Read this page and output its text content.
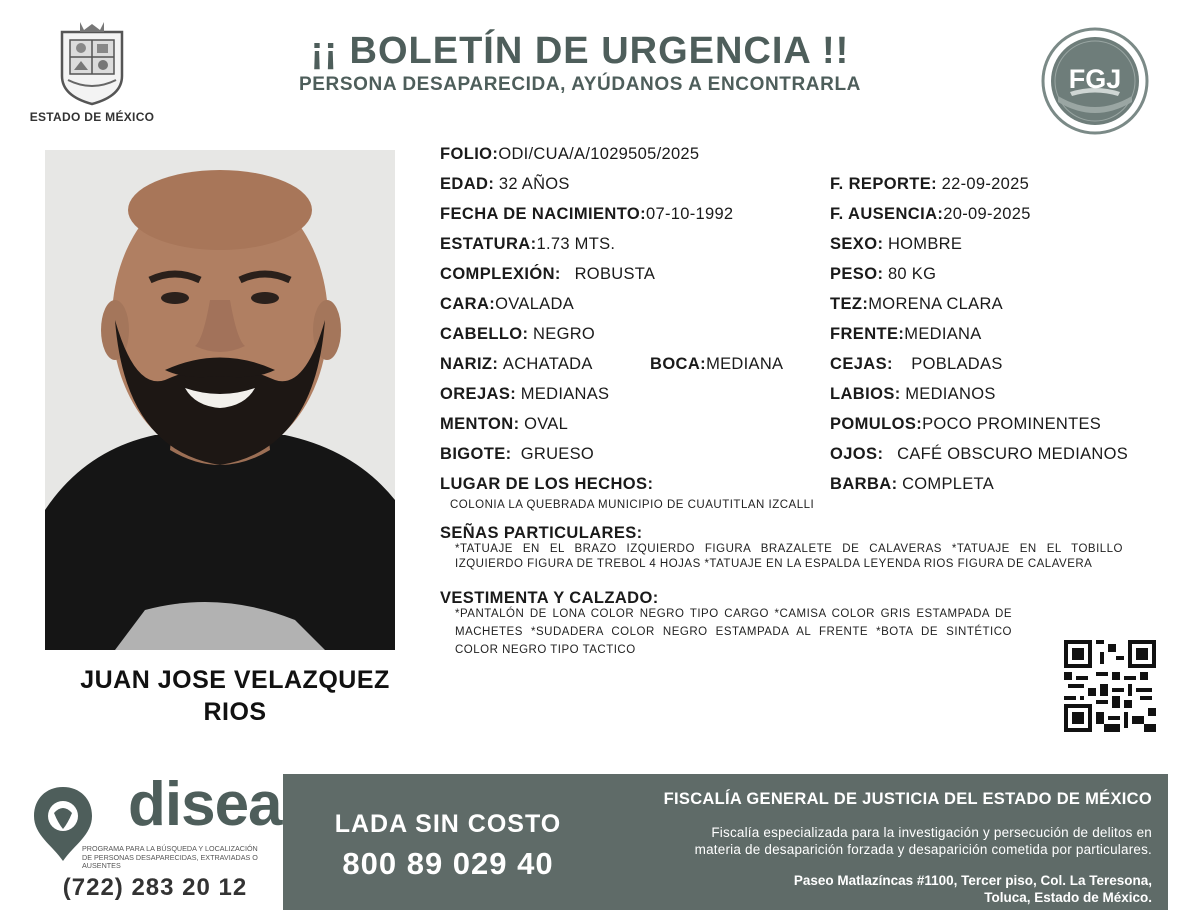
ESTADO DE MÉXICO
¡¡ BOLETÍN DE URGENCIA !!
PERSONA DESAPARECIDA, AYÚDANOS A ENCONTRARLA	FGJ
JUAN JOSE VELAZQUEZ
RIOS
FOLIO:ODI/CUA/A/1029505/2025
EDAD: 32 AÑOS
FECHA DE NACIMIENTO:07-10-1992
ESTATURA:1.73 MTS.
COMPLEXIÓN: ROBUSTA
CARA:OVALADA
CABELLO: NEGRO
NARIZ: ACHATADA	BOCA:MEDIANA
OREJAS: MEDIANAS
MENTON: OVAL
BIGOTE: GRUESO
LUGAR DE LOS HECHOS:
COLONIA LA QUEBRADA MUNICIPIO DE CUAUTITLAN IZCALLI
F. REPORTE: 22-09-2025
F. AUSENCIA:20-09-2025
SEXO: HOMBRE
PESO: 80 KG
TEZ:MORENA CLARA
FRENTE:MEDIANA
CEJAS: POBLADAS
LABIOS: MEDIANOS
POMULOS:POCO PROMINENTES
OJOS: CAFÉ OBSCURO MEDIANOS
BARBA: COMPLETA
SEÑAS PARTICULARES:
*TATUAJE EN EL BRAZO IZQUIERDO FIGURA BRAZALETE DE CALAVERAS *TATUAJE EN EL TOBILLO
IZQUIERDO FIGURA DE TREBOL 4 HOJAS *TATUAJE EN LA ESPALDA LEYENDA RIOS FIGURA DE CALAVERA
VESTIMENTA Y CALZADO:
*PANTALÓN DE LONA COLOR NEGRO TIPO CARGO *CAMISA COLOR GRIS ESTAMPADA DE
MACHETES *SUDADERA COLOR NEGRO ESTAMPADA AL FRENTE *BOTA DE SINTÉTICO
COLOR NEGRO TIPO TACTICO
disea
PROGRAMA PARA LA BÚSQUEDA Y LOCALIZACIÓN DE PERSONAS DESAPARECIDAS, EXTRAVIADAS O AUSENTES
(722) 283 20 12
LADA SIN COSTO
800 89 029 40
FISCALÍA GENERAL DE JUSTICIA DEL ESTADO DE MÉXICO
Fiscalía especializada para la investigación y persecución de delitos en
materia de desaparición forzada y desaparición cometida por particulares.
Paseo Matlazíncas #1100, Tercer piso, Col. La Teresona,
Toluca, Estado de México.
